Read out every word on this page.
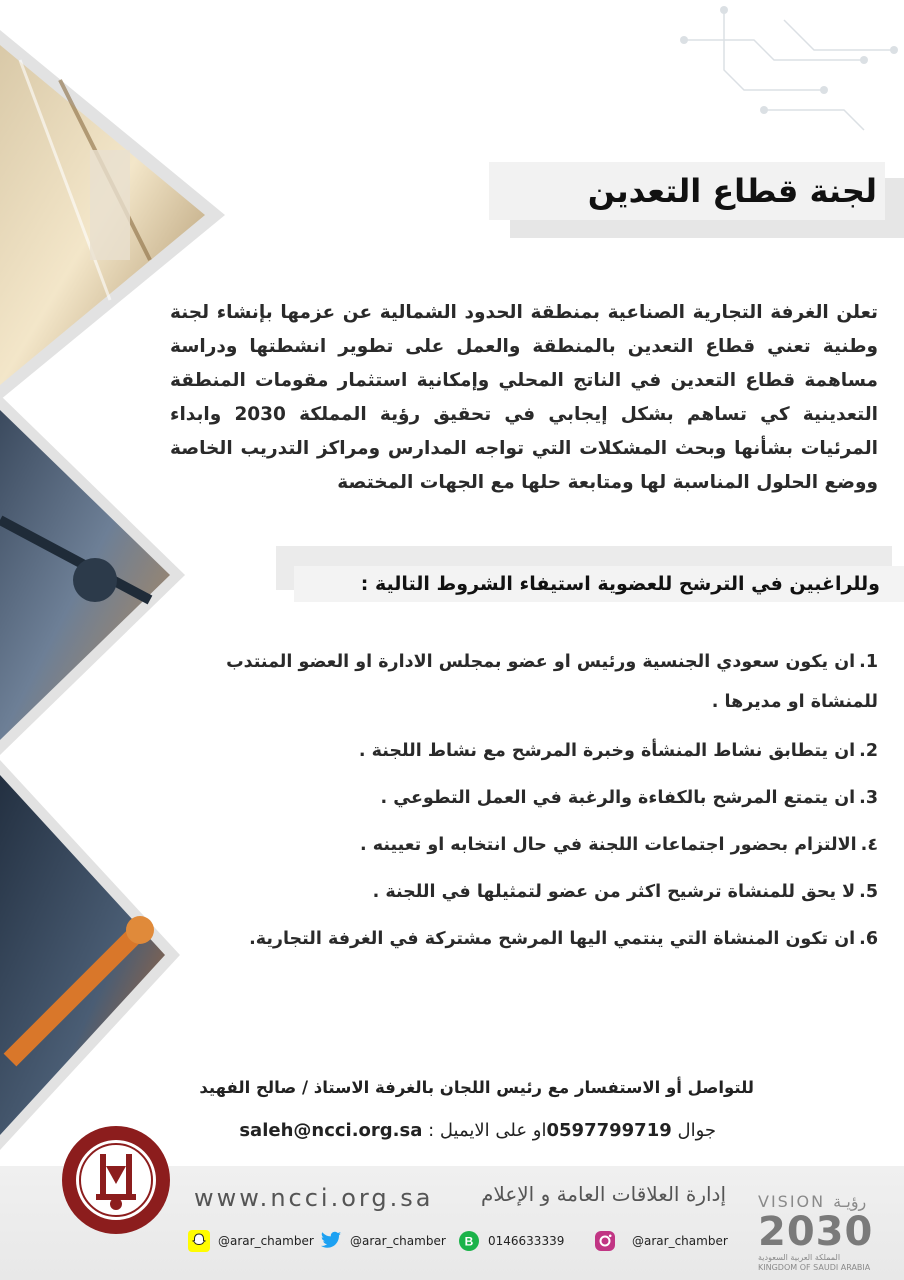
لجنة قطاع التعدين

تعلن الغرفة التجارية الصناعية بمنطقة الحدود الشمالية عن عزمها بإنشاء لجنة وطنية تعني قطاع التعدين بالمنطقة والعمل على تطوير انشطتها ودراسة مساهمة قطاع التعدين في الناتج المحلي وإمكانية استثمار مقومات المنطقة التعدينية كي تساهم بشكل إيجابي في تحقيق رؤية المملكة 2030 وابداء المرئيات بشأنها وبحث المشكلات التي تواجه المدارس ومراكز التدريب الخاصة ووضع الحلول المناسبة لها ومتابعة حلها مع الجهات المختصة

وللراغبين في الترشح للعضوية استيفاء الشروط التالية :
1.ان يكون سعودي الجنسية ورئيس او عضو بمجلس الادارة او العضو المنتدب للمنشاة او مديرها .
2.ان يتطابق نشاط المنشأة وخبرة المرشح مع نشاط اللجنة .
3.ان يتمتع المرشح بالكفاءة والرغبة في العمل التطوعي .
٤.الالتزام بحضور اجتماعات اللجنة في حال انتخابه او تعيينه .
5.لا يحق للمنشاة ترشيح اكثر من عضو لتمثيلها في اللجنة .
6.ان تكون المنشاة التي ينتمي اليها المرشح مشتركة في الغرفة التجارية.
للتواصل أو الاستفسار مع رئيس اللجان بالغرفة الاستاذ / صالح الفهيد
جوال 0597799719او على الايميل : saleh@ncci.org.sa
www.ncci.org.sa	إدارة العلاقات العامة و الإعلام VISION رؤيـة
2030
المملكة العربية السعودية
KINGDOM OF SAUDI ARABIA
@arar_chamber	@arar_chamber B 0146633339	@arar_chamber
